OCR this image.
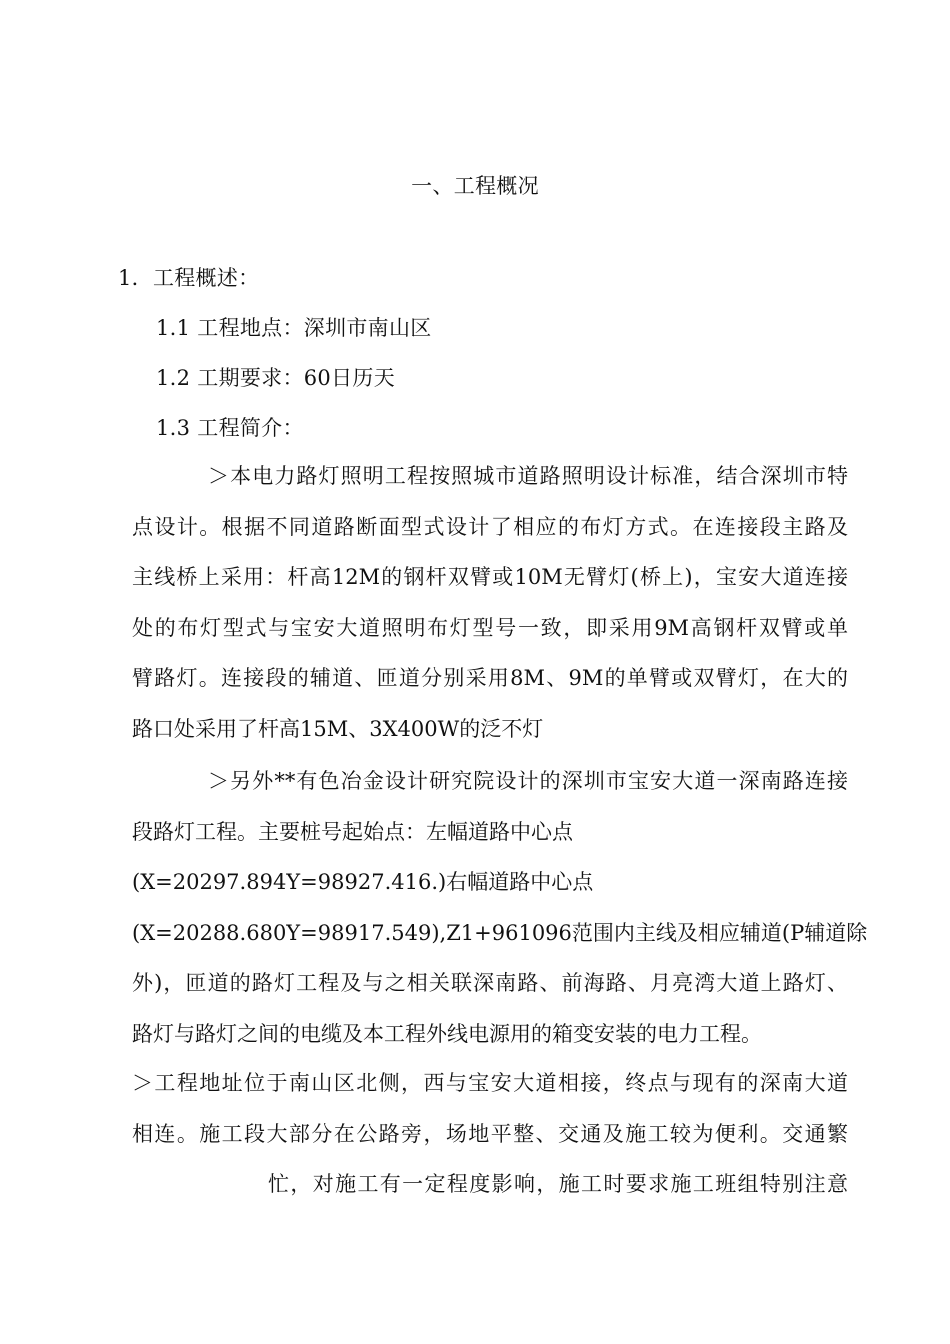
一、工程概况
1．工程概述：
1.1 工程地点：深圳市南山区
1.2 工期要求：60日历天
1.3 工程简介：
＞本电力路灯照明工程按照城市道路照明设计标准，结合深圳市特
点设计。根据不同道路断面型式设计了相应的布灯方式。在连接段主路及
主线桥上采用：杆高12M的钢杆双臂或10M无臂灯(桥上)，宝安大道连接
处的布灯型式与宝安大道照明布灯型号一致，即采用9M高钢杆双臂或单
臂路灯。连接段的辅道、匝道分别采用8M、9M的单臂或双臂灯，在大的
路口处采用了杆高15M、3X400W的泛不灯
＞另外**有色冶金设计研究院设计的深圳市宝安大道一深南路连接
段路灯工程。主要桩号起始点：左幅道路中心点
(X=20297.894Y=98927.416.)右幅道路中心点
(X=20288.680Y=98917.549),Z1+961096范围内主线及相应辅道(P辅道除
外)，匝道的路灯工程及与之相关联深南路、前海路、月亮湾大道上路灯、
路灯与路灯之间的电缆及本工程外线电源用的箱变安装的电力工程。
＞工程地址位于南山区北侧，西与宝安大道相接，终点与现有的深南大道
相连。施工段大部分在公路旁，场地平整、交通及施工较为便利。交通繁
忙，对施工有一定程度影响，施工时要求施工班组特别注意
